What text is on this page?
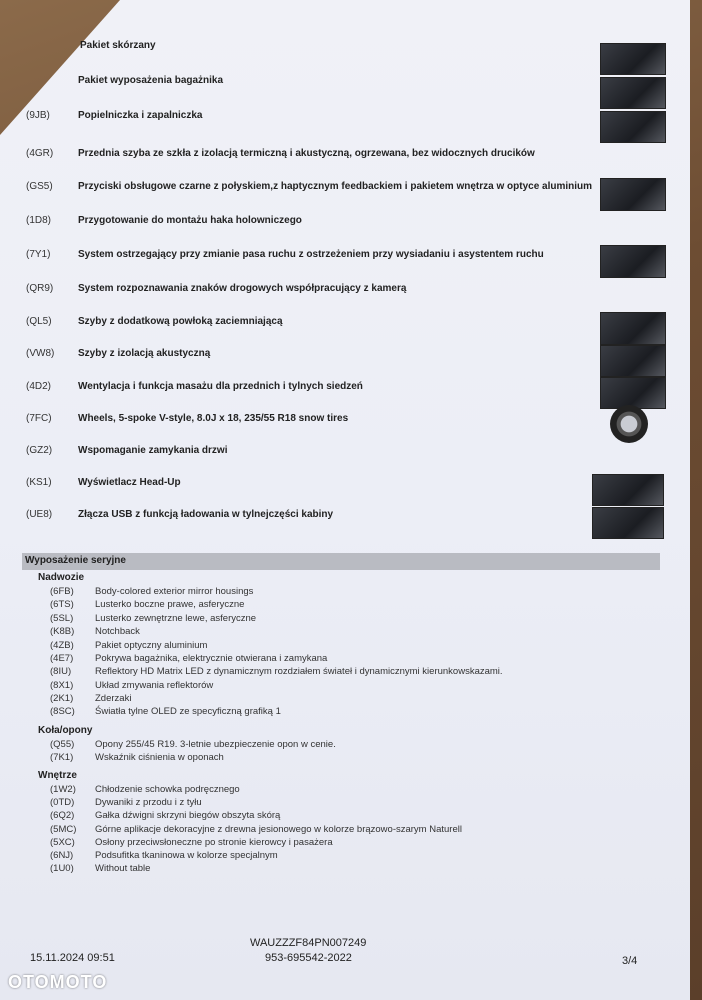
Pakiet skórzany
Pakiet wyposażenia bagażnika
(9JB)	Popielniczka i zapalniczka
(4GR) Przednia szyba ze szkła z izolacją termiczną i akustyczną, ogrzewana, bez widocznych drucików
(GS5)	Przyciski obsługowe czarne z połyskiem,z haptycznym feedbackiem i pakietem wnętrza w optyce aluminium
(1D8)	Przygotowanie do montażu haka holowniczego
(7Y1)	System ostrzegający przy zmianie pasa ruchu z ostrzeżeniem przy wysiadaniu i asystentem ruchu
(QR9) System rozpoznawania znaków drogowych współpracujący z kamerą
(QL5)	Szyby z dodatkową powłoką zaciemniającą
(VW8) Szyby z izolacją akustyczną
(4D2)	Wentylacja i funkcja masażu dla przednich i tylnych siedzeń
(7FC)	Wheels, 5-spoke V-style, 8.0J x 18, 235/55 R18 snow tires
(GZ2)	Wspomaganie zamykania drzwi
(KS1)	Wyświetlacz Head-Up
(UE8)	Złącza USB z funkcją ładowania w tylnejczęści kabiny
Wyposażenie seryjne
Nadwozie
(6FB) Body-colored exterior mirror housings
(6TS) Lusterko boczne prawe, asferyczne
(5SL) Lusterko zewnętrzne lewe, asferyczne
(K8B) Notchback
(4ZB) Pakiet optyczny aluminium
(4E7) Pokrywa bagażnika, elektrycznie otwierana i zamykana
(8IU)	Reflektory HD Matrix LED z dynamicznym rozdziałem świateł i dynamicznymi kierunkowskazami.
(8X1) Układ zmywania reflektorów
(2K1) Zderzaki
(8SC) Światła tylne OLED ze specyficzną grafiką 1
Koła/opony
(Q55) Opony 255/45 R19. 3-letnie ubezpieczenie opon w cenie.
(7K1) Wskaźnik ciśnienia w oponach
Wnętrze
(1W2) Chłodzenie schowka podręcznego
(0TD) Dywaniki z przodu i z tyłu
(6Q2) Gałka dźwigni skrzyni biegów obszyta skórą
(5MC) Górne aplikacje dekoracyjne z drewna jesionowego w kolorze brązowo-szarym Naturell
(5XC) Osłony przeciwsłoneczne po stronie kierowcy i pasażera
(6NJ) Podsufitka tkaninowa w kolorze specjalnym
(1U0) Without table
WAUZZZF84PN007249
15.11.2024 09:51	953-695542-2022	3/4
OTOMOTO
